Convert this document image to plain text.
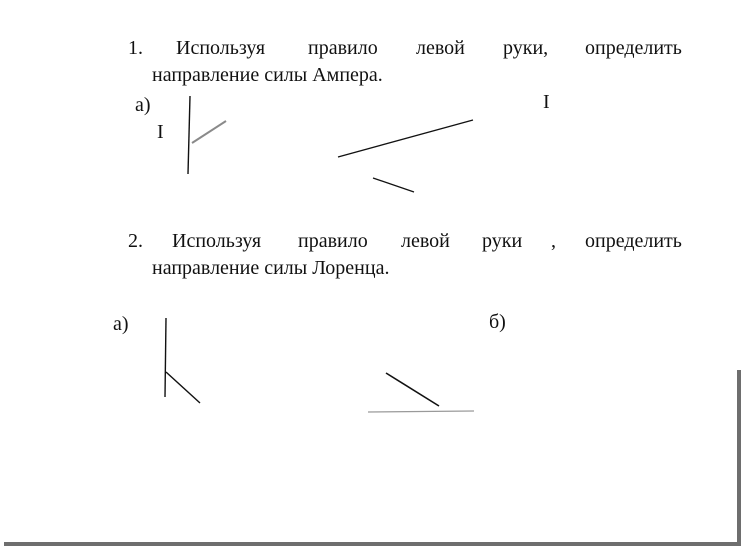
1. Используя правило левой руки, определить
направление силы Ампера.
а)
I
I
2. Используя правило левой руки , определить
направление силы Лоренца.
а)	б)
